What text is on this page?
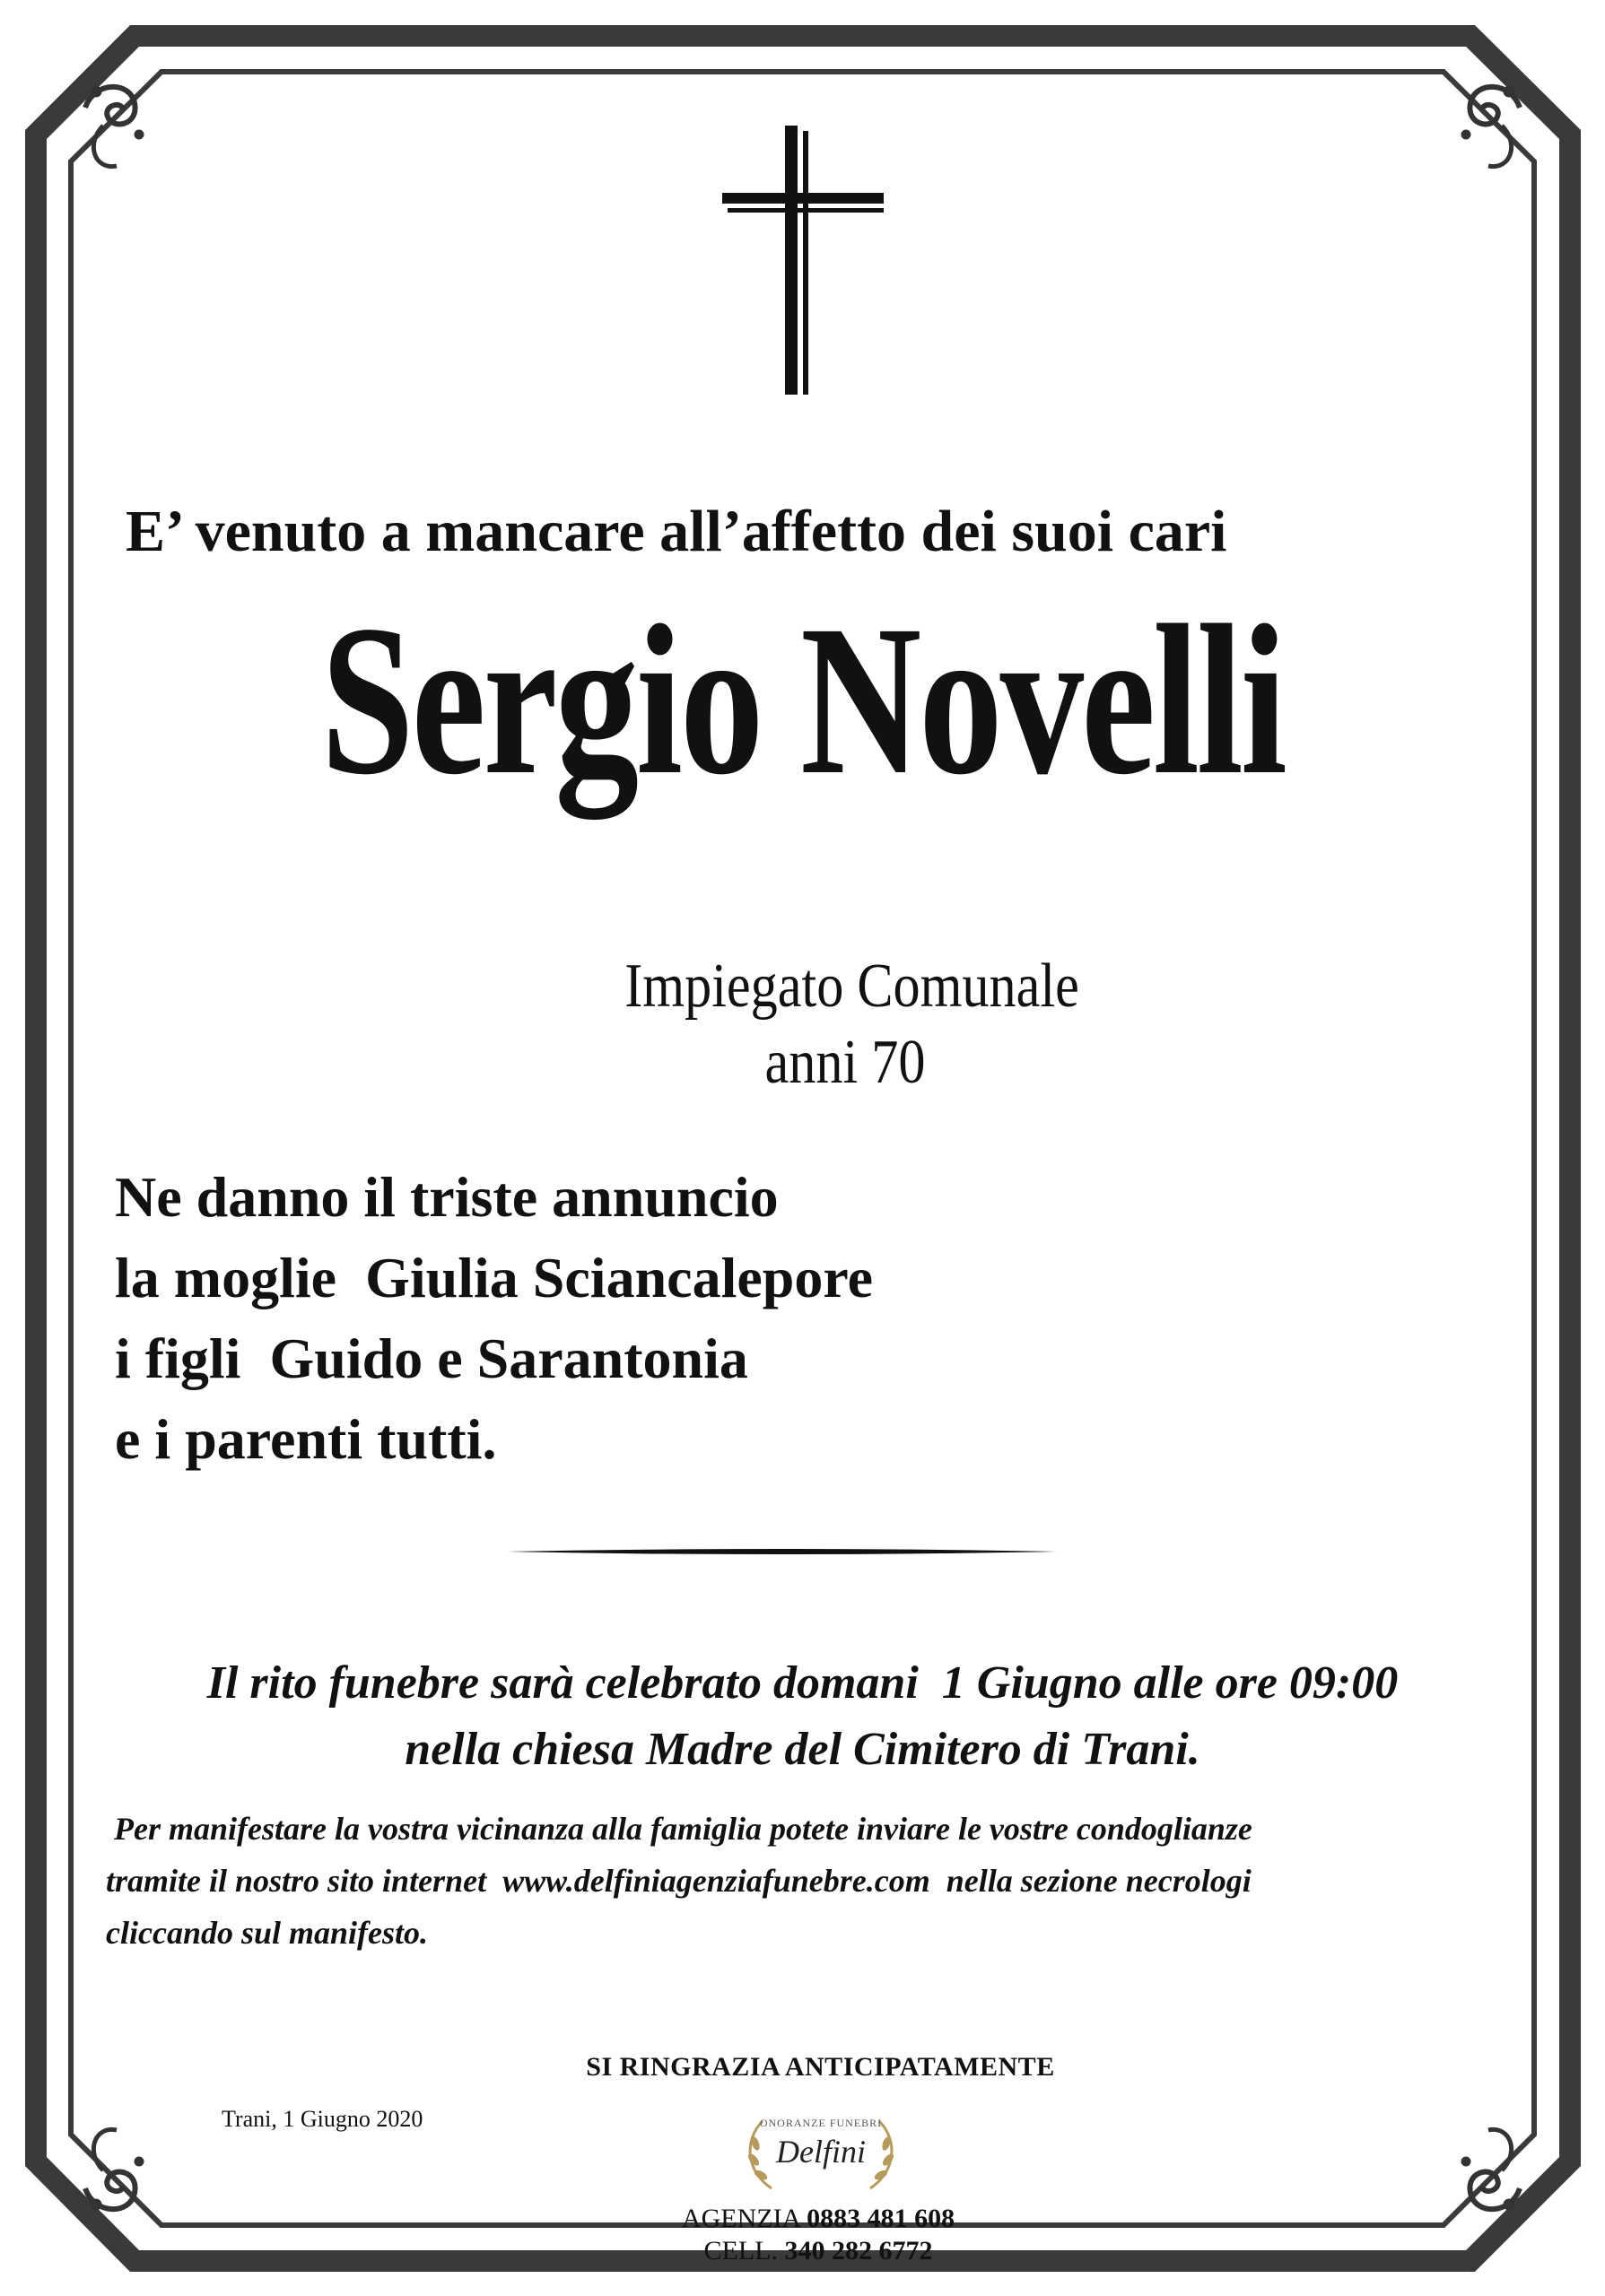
E’ venuto a mancare all’affetto dei suoi cari
Sergio Novelli
Impiegato Comunale
anni 70
Ne danno il triste annuncio
la moglie  Giulia Sciancalepore
i figli  Guido e Sarantonia
e i parenti tutti.
Il rito funebre sarà celebrato domani  1 Giugno alle ore 09:00
nella chiesa Madre del Cimitero di Trani.
Per manifestare la vostra vicinanza alla famiglia potete inviare le vostre condoglianze
tramite il nostro sito internet  www.delfiniagenziafunebre.com  nella sezione necrologi
cliccando sul manifesto.
SI RINGRAZIA ANTICIPATAMENTE
Trani, 1 Giugno 2020	ONORANZE FUNEBRI
Delfini
AGENZIA 0883 481 608
CELL. 340 282 6772
